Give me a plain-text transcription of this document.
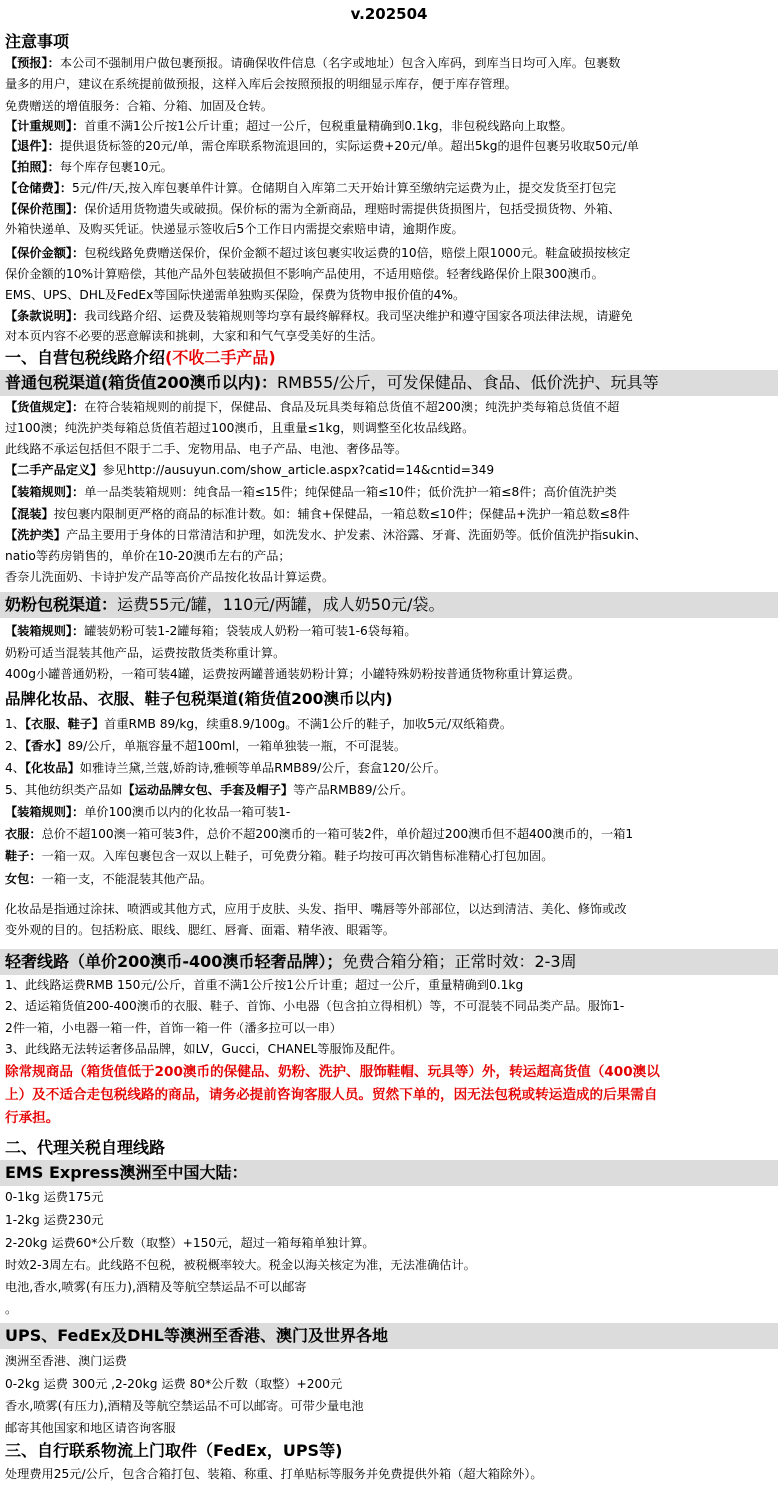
v.202504
注意事项
【预报】：本公司不强制用户做包裹预报。请确保收件信息（名字或地址）包含入库码，到库当日均可入库。包裹数
量多的用户，建议在系统提前做预报，这样入库后会按照预报的明细显示库存，便于库存管理。
免费赠送的增值服务：合箱、分箱、加固及仓转。
【计重规则】：首重不满1公斤按1公斤计重；超过一公斤，包税重量精确到0.1kg，非包税线路向上取整。
【退件】：提供退货标签的20元/单，需仓库联系物流退回的，实际运费+20元/单。超出5kg的退件包裹另收取50元/单
【拍照】：每个库存包裹10元。
【仓储费】：5元/件/天,按入库包裹单件计算。仓储期自入库第二天开始计算至缴纳完运费为止，提交发货至打包完
【保价范围】：保价适用货物遗失或破损。保价标的需为全新商品，理赔时需提供货损图片，包括受损货物、外箱、
外箱快递单、及购买凭证。快递显示签收后5个工作日内需提交索赔申请，逾期作废。
【保价金额】：包税线路免费赠送保价，保价金额不超过该包裹实收运费的10倍，赔偿上限1000元。鞋盒破损按核定
保价金额的10%计算赔偿，其他产品外包装破损但不影响产品使用，不适用赔偿。轻奢线路保价上限300澳币。
EMS、UPS、DHL及FedEx等国际快递需单独购买保险，保费为货物申报价值的4%。
【条款说明】：我司线路介绍、运费及装箱规则等均享有最终解释权。我司坚决维护和遵守国家各项法律法规，请避免
对本页内容不必要的恶意解读和挑刺，大家和和气气享受美好的生活。
一、自营包税线路介绍(不收二手产品)
普通包税渠道(箱货值200澳币以内)：RMB55/公斤，可发保健品、食品、低价洗护、玩具等
【货值规定】：在符合装箱规则的前提下，保健品、食品及玩具类每箱总货值不超200澳；纯洗护类每箱总货值不超
过100澳；纯洗护类每箱总货值若超过100澳币，且重量≤1kg，则调整至化妆品线路。
此线路不承运包括但不限于二手、宠物用品、电子产品、电池、奢侈品等。
【二手产品定义】参见http://ausuyun.com/show_article.aspx?catid=14&cntid=349
【装箱规则】：单一品类装箱规则：纯食品一箱≤15件；纯保健品一箱≤10件；低价洗护一箱≤8件；高价值洗护类
【混装】按包裹内限制更严格的商品的标准计数。如：辅食+保健品，一箱总数≤10件；保健品+洗护一箱总数≤8件
【洗护类】产品主要用于身体的日常清洁和护理，如洗发水、护发素、沐浴露、牙膏、洗面奶等。低价值洗护指sukin、
natio等药房销售的，单价在10-20澳币左右的产品；
香奈儿洗面奶、卡诗护发产品等高价产品按化妆品计算运费。
奶粉包税渠道：运费55元/罐，110元/两罐，成人奶50元/袋。
【装箱规则】：罐装奶粉可装1-2罐每箱；袋装成人奶粉一箱可装1-6袋每箱。
奶粉可适当混装其他产品，运费按散货类称重计算。
400g小罐普通奶粉，一箱可装4罐，运费按两罐普通装奶粉计算；小罐特殊奶粉按普通货物称重计算运费。
品牌化妆品、衣服、鞋子包税渠道(箱货值200澳币以内)
1、【衣服、鞋子】首重RMB 89/kg，续重8.9/100g。不满1公斤的鞋子，加收5元/双纸箱费。
2、【香水】89/公斤，单瓶容量不超100ml，一箱单独装一瓶，不可混装。
4、【化妆品】如雅诗兰黛,兰蔻,娇韵诗,雅顿等单品RMB89/公斤，套盒120/公斤。
5、其他纺织类产品如【运动品牌女包、手套及帽子】等产品RMB89/公斤。
【装箱规则】：单价100澳币以内的化妆品一箱可装1-
衣服：总价不超100澳一箱可装3件，总价不超200澳币的一箱可装2件，单价超过200澳币但不超400澳币的，一箱1
鞋子：一箱一双。入库包裹包含一双以上鞋子，可免费分箱。鞋子均按可再次销售标准精心打包加固。
女包：一箱一支，不能混装其他产品。
化妆品是指通过涂抹、喷洒或其他方式，应用于皮肤、头发、指甲、嘴唇等外部部位，以达到清洁、美化、修饰或改
变外观的目的。包括粉底、眼线、腮红、唇膏、面霜、精华液、眼霜等。
轻奢线路（单价200澳币-400澳币轻奢品牌）；免费合箱分箱；正常时效：2-3周
1、此线路运费RMB 150元/公斤，首重不满1公斤按1公斤计重；超过一公斤，重量精确到0.1kg
2、适运箱货值200-400澳币的衣服、鞋子、首饰、小电器（包含拍立得相机）等，不可混装不同品类产品。服饰1-
2件一箱，小电器一箱一件，首饰一箱一件（潘多拉可以一串）
3、此线路无法转运奢侈品品牌，如LV，Gucci，CHANEL等服饰及配件。
除常规商品（箱货值低于200澳币的保健品、奶粉、洗护、服饰鞋帽、玩具等）外，转运超高货值（400澳以
上）及不适合走包税线路的商品，请务必提前咨询客服人员。贸然下单的，因无法包税或转运造成的后果需自
行承担。
二、代理关税自理线路
EMS Express澳洲至中国大陆：
0-1kg 运费175元
1-2kg 运费230元
2-20kg 运费60*公斤数（取整）+150元，超过一箱每箱单独计算。
时效2-3周左右。此线路不包税，被税概率较大。税金以海关核定为准，无法准确估计。
电池,香水,喷雾(有压力),酒精及等航空禁运品不可以邮寄
。
UPS、FedEx及DHL等澳洲至香港、澳门及世界各地
澳洲至香港、澳门运费
0-2kg 运费 300元 ,2-20kg 运费 80*公斤数（取整）+200元
香水,喷雾(有压力),酒精及等航空禁运品不可以邮寄。可带少量电池
邮寄其他国家和地区请咨询客服
三、自行联系物流上门取件（FedEx，UPS等)
处理费用25元/公斤，包含合箱打包、装箱、称重、打单贴标等服务并免费提供外箱（超大箱除外）。
